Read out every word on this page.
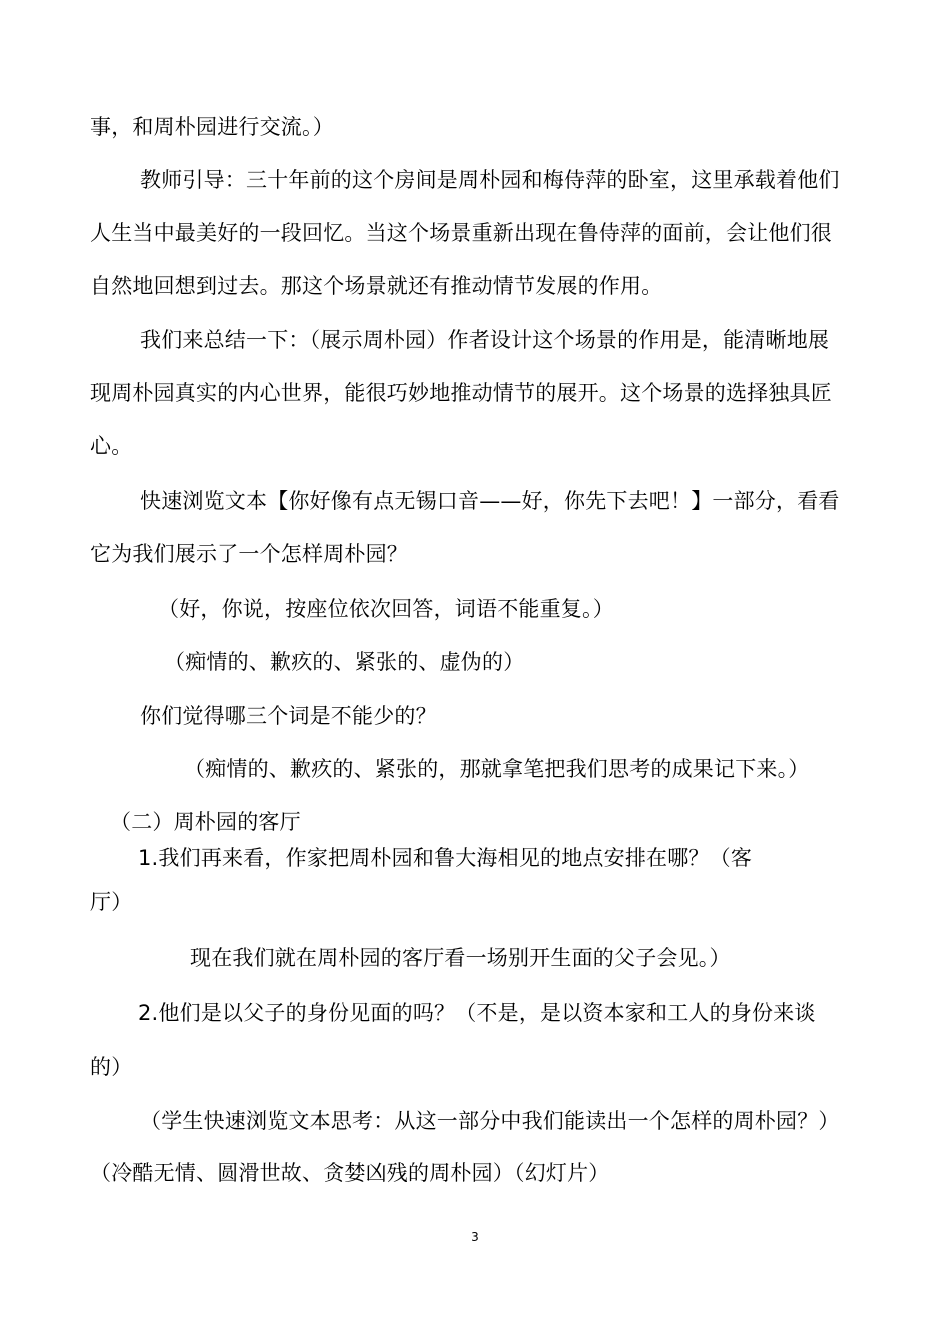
事，和周朴园进行交流。）
教师引导：三十年前的这个房间是周朴园和梅侍萍的卧室，这里承载着他们
人生当中最美好的一段回忆。当这个场景重新出现在鲁侍萍的面前，会让他们很
自然地回想到过去。那这个场景就还有推动情节发展的作用。
我们来总结一下：（展示周朴园）作者设计这个场景的作用是，能清晰地展
现周朴园真实的内心世界，能很巧妙地推动情节的展开。这个场景的选择独具匠
心。
快速浏览文本【你好像有点无锡口音——好，你先下去吧！】一部分，看看
它为我们展示了一个怎样周朴园？
（好，你说，按座位依次回答，词语不能重复。）
（痴情的、歉疚的、紧张的、虚伪的）
你们觉得哪三个词是不能少的？
（痴情的、歉疚的、紧张的，那就拿笔把我们思考的成果记下来。）
（二）周朴园的客厅
1.我们再来看，作家把周朴园和鲁大海相见的地点安排在哪？（客
厅）
现在我们就在周朴园的客厅看一场别开生面的父子会见。）
2.他们是以父子的身份见面的吗？（不是，是以资本家和工人的身份来谈
的）
（学生快速浏览文本思考：从这一部分中我们能读出一个怎样的周朴园？）
（冷酷无情、圆滑世故、贪婪凶残的周朴园）（幻灯片）
3
